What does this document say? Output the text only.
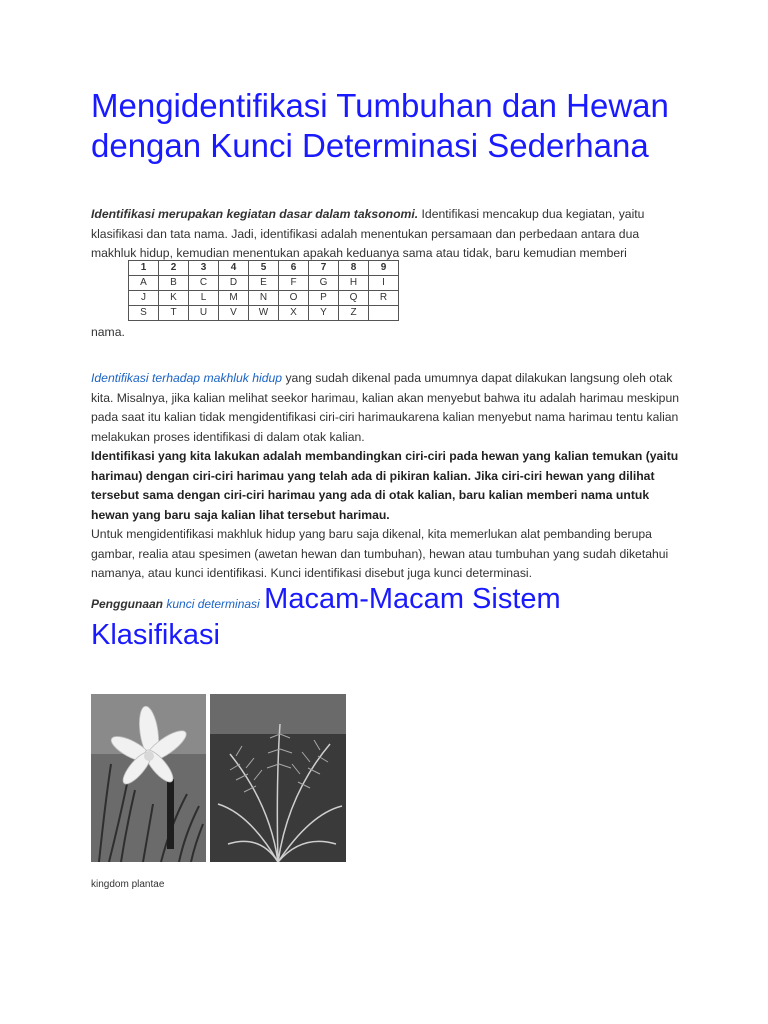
Mengidentifikasi Tumbuhan dan Hewan dengan Kunci Determinasi Sederhana

Identifikasi merupakan kegiatan dasar dalam taksonomi. Identifikasi mencakup dua kegiatan, yaitu klasifikasi dan tata nama. Jadi, identifikasi adalah menentukan persamaan dan perbedaan antara dua makhluk hidup, kemudian menentukan apakah keduanya sama atau tidak, baru kemudian memberi

1	2	3	4	5	6	7	8	9
A	B	C	D	E	F	G	H	I
J	K	L	M	N	O	P	Q	R
S	T	U	V	W	X	Y	Z	
nama.

Identifikasi terhadap makhluk hidup yang sudah dikenal pada umumnya dapat dilakukan langsung oleh otak kita. Misalnya, jika kalian melihat seekor harimau, kalian akan menyebut bahwa itu adalah harimau meskipun pada saat itu kalian tidak mengidentifikasi ciri-ciri harimaukarena kalian menyebut nama harimau tentu kalian melakukan proses identifikasi di dalam otak kalian.
Identifikasi yang kita lakukan adalah membandingkan ciri-ciri pada hewan yang kalian temukan (yaitu harimau) dengan ciri-ciri harimau yang telah ada di pikiran kalian. Jika ciri-ciri hewan yang dilihat tersebut sama dengan ciri-ciri harimau yang ada di otak kalian, baru kalian memberi nama untuk hewan yang baru saja kalian lihat tersebut harimau.
Untuk mengidentifikasi makhluk hidup yang baru saja dikenal, kita memerlukan alat pembanding berupa gambar, realia atau spesimen (awetan hewan dan tumbuhan), hewan atau tumbuhan yang sudah diketahui namanya, atau kunci identifikasi. Kunci identifikasi disebut juga kunci determinasi.

Penggunaan kunci determinasi Macam-Macam Sistem
Klasifikasi
kingdom plantae
